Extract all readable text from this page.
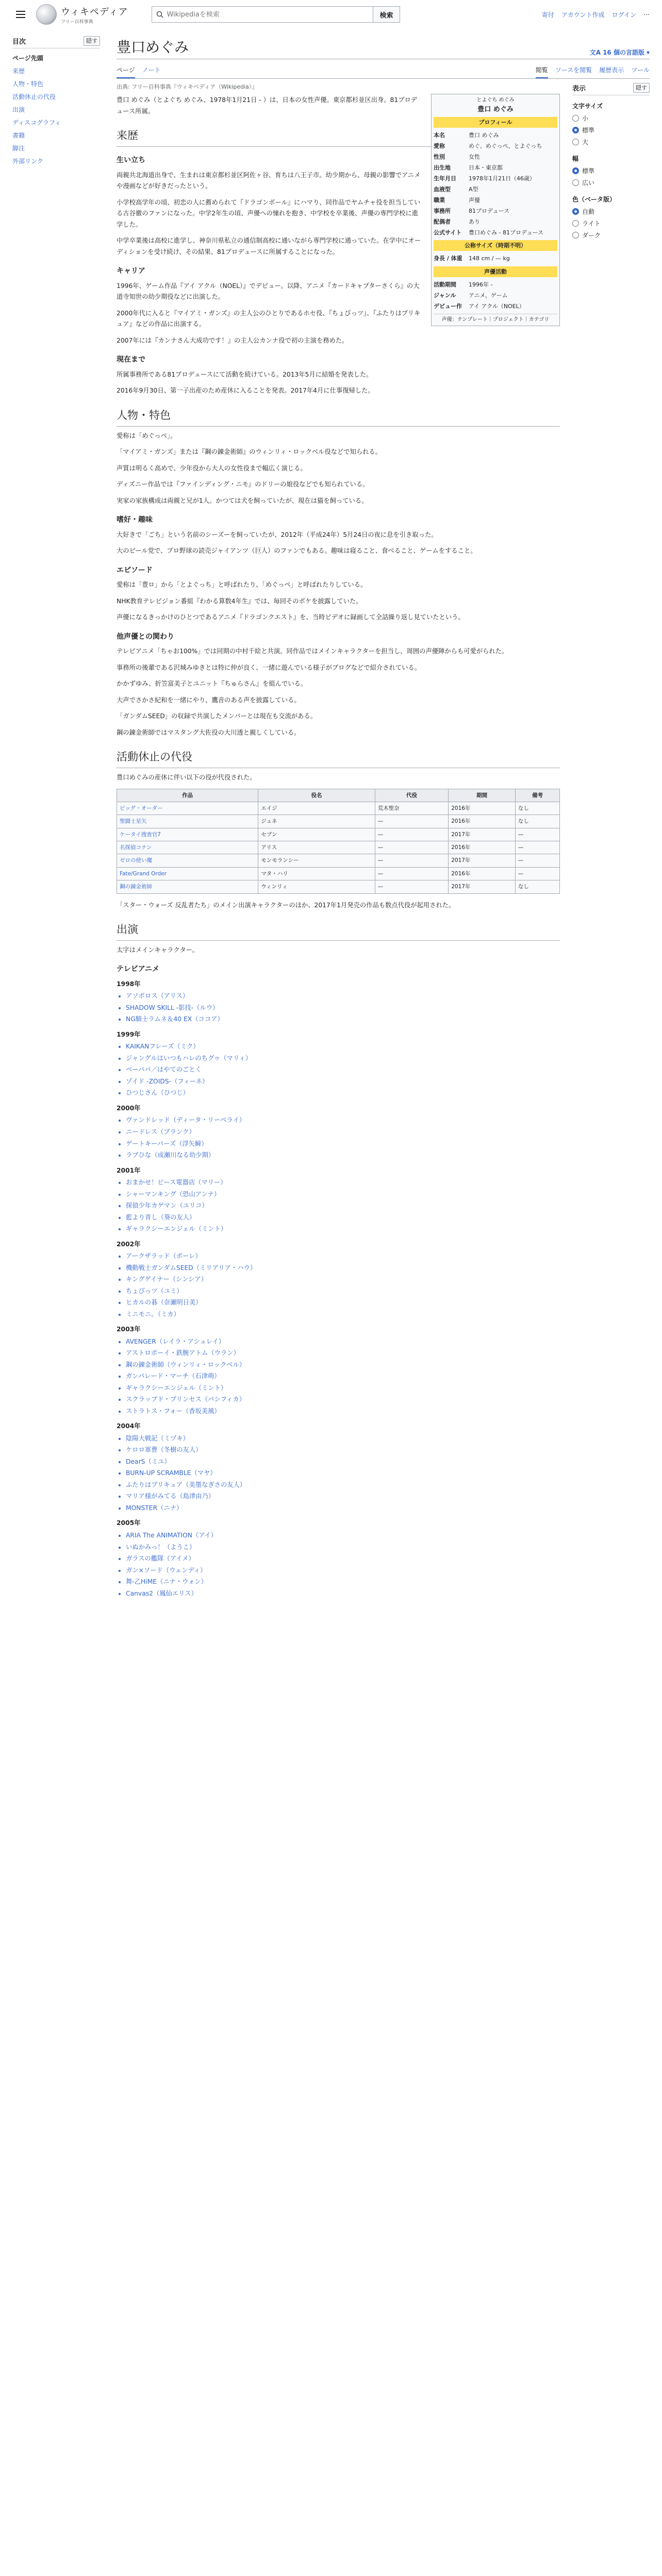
ウィキペディア
フリー百科事典
Wikipediaを検索
検索	寄付 アカウント作成 ログイン ⋯
目次	隠す
ページ先頭
来歴
人物・特色
活動休止の代役
出演
ディスコグラフィ
書籍
脚注
外部リンク
豊口めぐみ	文A 16 個の言語版 ▾
ページ ノート	閲覧 ソースを閲覧 履歴表示 ツール
出典: フリー百科事典『ウィキペディア（Wikipedia）』
とよぐち めぐみ
豊口 めぐみ
プロフィール
本名	豊口 めぐみ
愛称	めぐ、めぐっぺ、とよぐっち
性別	女性
出生地	日本・東京都
生年月日	1978年1月21日（46歳）
血液型	A型
職業	声優
事務所	81プロデュース
配偶者	あり
公式サイト	豊口めぐみ - 81プロデュース
公称サイズ（時期不明）
身長 / 体重	148 cm / — kg
声優活動
活動期間	1996年 -
ジャンル	アニメ、ゲーム
デビュー作	アイ アクル（NOEL）
声優：テンプレート｜プロジェクト｜カテゴリ

豊口 めぐみ（とよぐち めぐみ、1978年1月21日 - ）は、日本の女性声優。東京都杉並区出身。81プロデュース所属。

来歴
生い立ち

両親共北海道出身で、生まれは東京都杉並区阿佐ヶ谷、育ちは八王子市。幼少期から、母親の影響でアニメや漫画などが好きだったという。

小学校高学年の頃、初恋の人に薦められて『ドラゴンボール』にハマり、同作品でヤムチャ役を担当している古谷徹のファンになった。中学2年生の頃、声優への憧れを抱き、中学校を卒業後、声優の専門学校に進学した。

中学卒業後は高校に進学し、神奈川県私立の通信制高校に通いながら専門学校に通っていた。在学中にオーディションを受け続け、その結果、81プロデュースに所属することになった。

キャリア

1996年、ゲーム作品『アイ アクル（NOEL）』でデビュー。以降、アニメ『カードキャプターさくら』の大道寺知世の幼少期役などに出演した。

2000年代に入ると『マイアミ・ガンズ』の主人公のひとりであるホセ役、『ちょびっツ』、『ふたりはプリキュア』などの作品に出演する。

2007年には『カンナさん大成功です！』の主人公カンナ役で初の主演を務めた。

現在まで

所属事務所である81プロデュースにて活動を続けている。2013年5月に結婚を発表した。

2016年9月30日、第一子出産のため産休に入ることを発表。2017年4月に仕事復帰した。

人物・特色

愛称は「めぐっぺ」。

「マイアミ・ガンズ」または『鋼の錬金術師』のウィンリィ・ロックベル役などで知られる。

声質は明るく高めで、少年役から大人の女性役まで幅広く演じる。

ディズニー作品では『ファインディング・ニモ』のドリーの娘役などでも知られている。

実家の家族構成は両親と兄が1人。かつては犬を飼っていたが、現在は猫を飼っている。

嗜好・趣味

大好きで「ごち」という名前のシーズーを飼っていたが、2012年（平成24年）5月24日の夜に息を引き取った。

大のビール党で、プロ野球の読売ジャイアンツ（巨人）のファンでもある。趣味は寝ること、食べること、ゲームをすること。

エピソード

愛称は「豊ロ」から「とよぐっち」と呼ばれたり、「めぐっぺ」と呼ばれたりしている。

NHK教育テレビジョン番組『わかる算数4年生』では、毎回そのボケを披露していた。

声優になるきっかけのひとつであるアニメ『ドラゴンクエスト』を、当時ビデオに録画して全話繰り返し見ていたという。

他声優との関わり

テレビアニメ「ちゃお100%」では同期の中村千絵と共演。同作品ではメインキャラクターを担当し、周囲の声優陣からも可愛がられた。

事務所の後輩である沢城みゆきとは特に仲が良く、一緒に遊んでいる様子がブログなどで紹介されている。

かかずゆみ、折笠富美子とユニット『ちゅらさん』を組んでいる。

大声でさかさ紀和を一緒にやり、鷹音のある声を披露している。

「ガンダムSEED」の収録で共演したメンバーとは現在も交流がある。

鋼の錬金術師ではマスタング大佐役の大川透と親しくしている。

活動休止の代役

豊口めぐみの産休に伴い以下の役が代役された。

作品	役名	代役	期間	備考
ビッグ・オーダー	エイジ	荒木聖奈	2016年	なし
聖闘士星矢	ジュネ	—	2016年	なし
ケータイ捜査官7	セブン	—	2017年	—
名探偵コナン	アリス	—	2016年	—
ゼロの使い魔	モンモランシー	—	2017年	—
Fate/Grand Order	マタ・ハリ	—	2016年	—
鋼の錬金術師	ウィンリィ	—	2017年	なし

「スター・ウォーズ 反乱者たち」のメイン出演キャラクターのほか、2017年1月発売の作品も数点代役が起用された。

出演

太字はメインキャラクター。

テレビアニメ
1998年
• アソボロス（アリス）
• SHADOW SKILL -影技-（ルウ）
• NG騎士ラムネ＆40 EX（ココア）
1999年
• KAIKANフレーズ（ミク）
• ジャングルはいつもハレのちグゥ（マリィ）
• ベーパパ／はやてのごとく
• ゾイド -ZOIDS-（フィーネ）
• ひつじさん（ひつじ）
2000年
• ヴァンドレッド（ディータ・リーベライ）
• ニードレス（ブランク）
• ゲートキーパーズ（浮矢瞬）
• ラブひな（成瀬川なる幼少期）
2001年
• おまかせ！ピース電器店（マリー）
• シャーマンキング（恐山アンナ）
• 探偵少年カゲマン（ユリコ）
• 藍より青し（葵の友人）
• ギャラクシーエンジェル（ミント）
2002年
• アークザラッド（ポーレ）
• 機動戦士ガンダムSEED（ミリアリア・ハウ）
• キングゲイナー（シンシア）
• ちょびっツ（ユミ）
• ヒカルの碁（奈瀬明日美）
• ミニモニ。（ミカ）
2003年
• AVENGER（レイラ・アシュレイ）
• アストロボーイ・鉄腕アトム（ウラン）
• 鋼の錬金術師（ウィンリィ・ロックベル）
• ガンパレード・マーチ（石津萌）
• ギャラクシーエンジェル（ミント）
• スクラップド・プリンセス（パシフィカ）
• ストラトス・フォー（香坂美風）
2004年
• 陰陽大戦記（ミヅキ）
• ケロロ軍曹（冬樹の友人）
• DearS（ミユ）
• BURN-UP SCRAMBLE（マヤ）
• ふたりはプリキュア（美墨なぎさの友人）
• マリア様がみてる（島津由乃）
• MONSTER（ニナ）
2005年
• ARIA The ANIMATION（アイ）
• いぬかみっ！（ようこ）
• ガラスの艦隊（アイメ）
• ガン×ソード（ウェンディ）
• 舞-乙HiME（ニナ・ウォン）
• Canvas2（鳳仙エリス）
表示	隠す
文字サイズ
小
標準
大
幅
標準
広い
色（ベータ版）
自動
ライト
ダーク
